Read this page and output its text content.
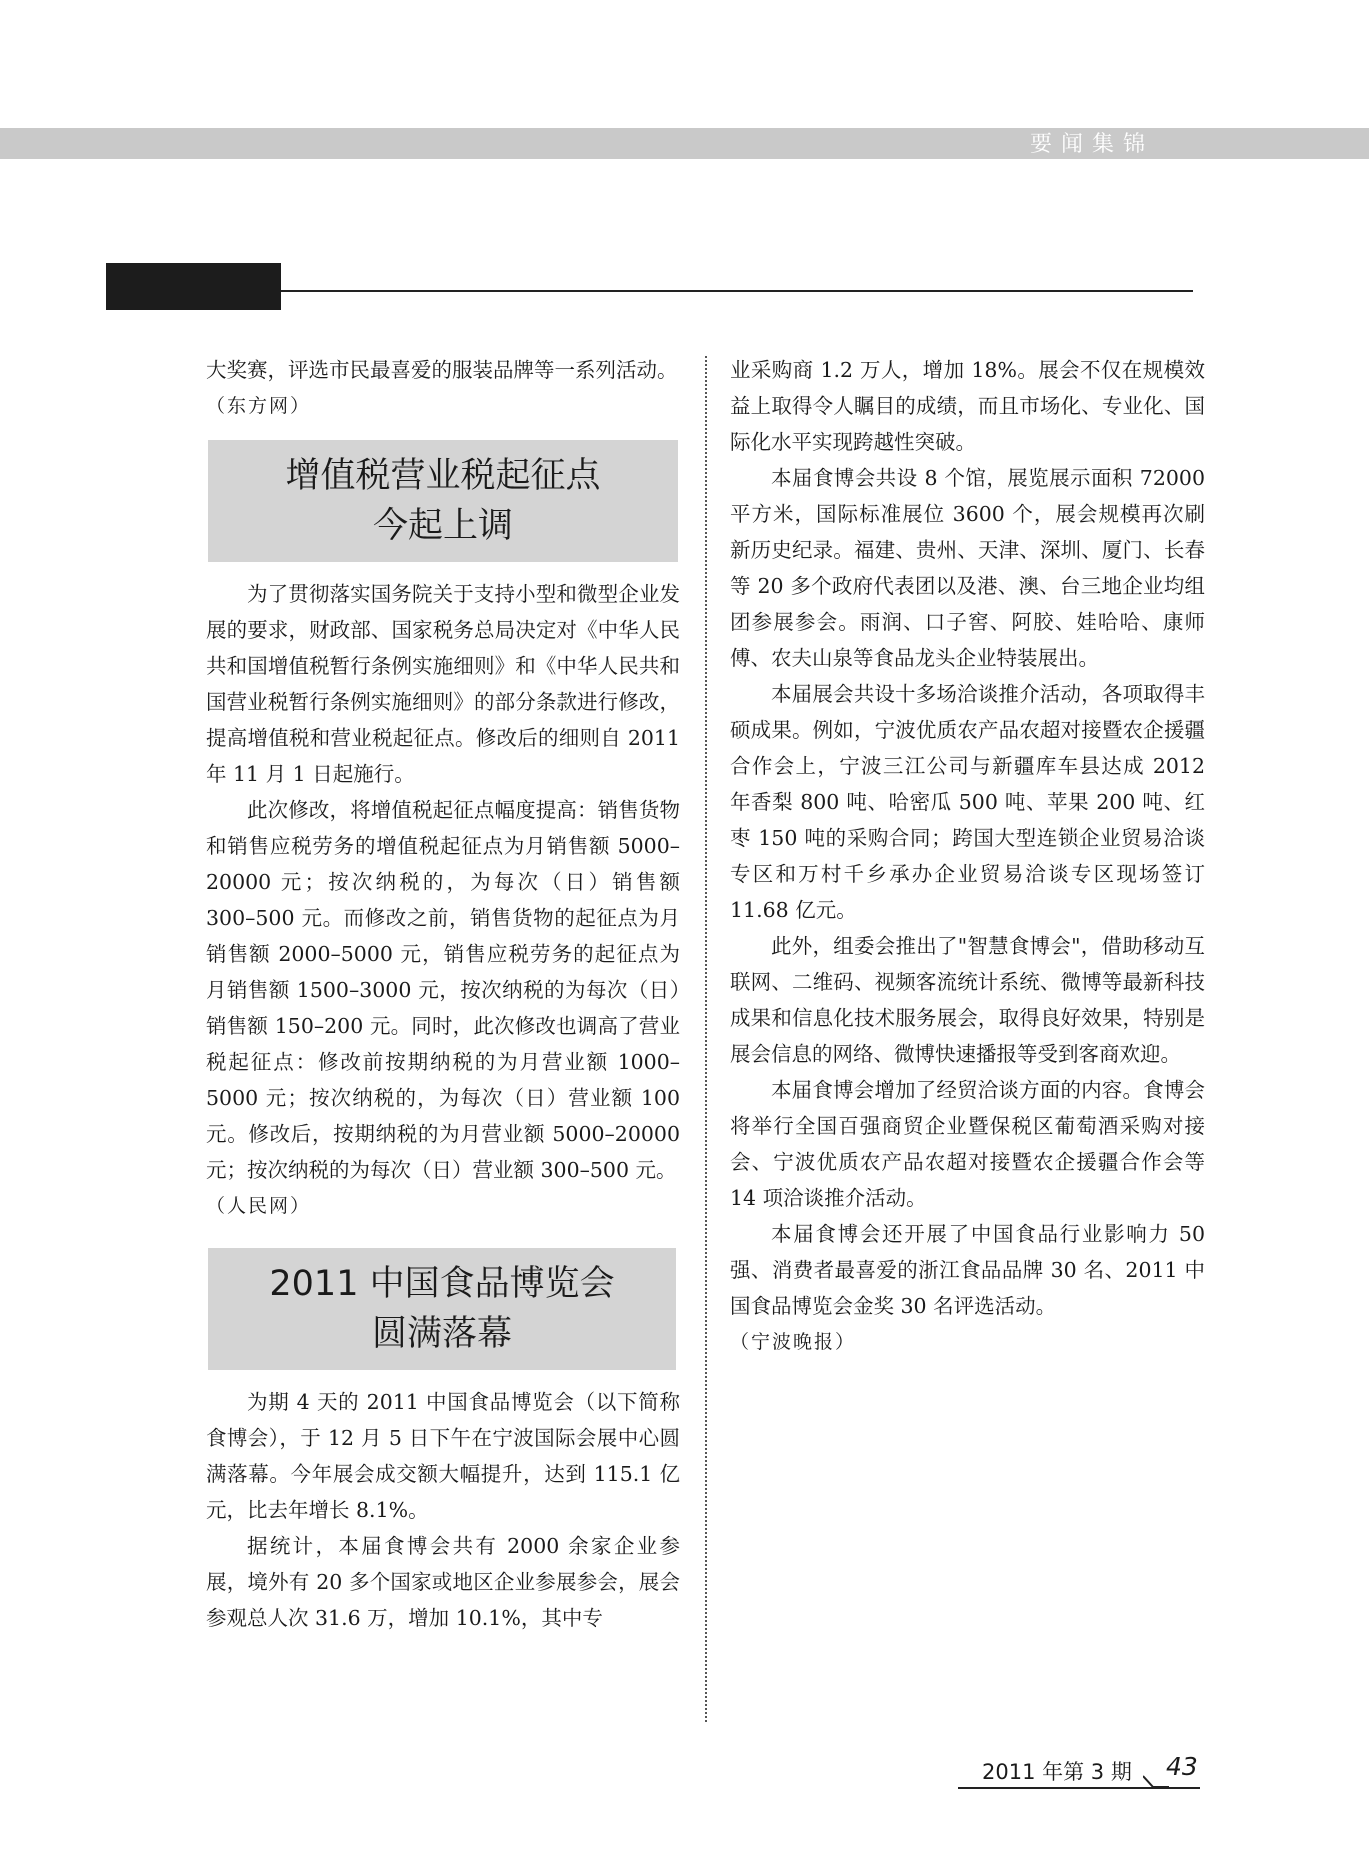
要闻集锦

大奖赛，评选市民最喜爱的服装品牌等一系列活动。

（东方网）

增值税营业税起征点
今起上调

为了贯彻落实国务院关于支持小型和微型企业发展的要求，财政部、国家税务总局决定对《中华人民共和国增值税暂行条例实施细则》和《中华人民共和国营业税暂行条例实施细则》的部分条款进行修改，提高增值税和营业税起征点。修改后的细则自 2011 年 11 月 1 日起施行。

此次修改，将增值税起征点幅度提高：销售货物和销售应税劳务的增值税起征点为月销售额 5000–20000 元；按次纳税的，为每次（日）销售额 300–500 元。而修改之前，销售货物的起征点为月销售额 2000–5000 元，销售应税劳务的起征点为月销售额 1500–3000 元，按次纳税的为每次（日）销售额 150–200 元。同时，此次修改也调高了营业税起征点：修改前按期纳税的为月营业额 1000–5000 元；按次纳税的，为每次（日）营业额 100 元。修改后，按期纳税的为月营业额 5000–20000 元；按次纳税的为每次（日）营业额 300–500 元。

（人民网）

2011 中国食品博览会
圆满落幕

为期 4 天的 2011 中国食品博览会（以下简称食博会），于 12 月 5 日下午在宁波国际会展中心圆满落幕。今年展会成交额大幅提升，达到 115.1 亿元，比去年增长 8.1%。

据统计，本届食博会共有 2000 余家企业参展，境外有 20 多个国家或地区企业参展参会，展会参观总人次 31.6 万，增加 10.1%，其中专

业采购商 1.2 万人，增加 18%。展会不仅在规模效益上取得令人瞩目的成绩，而且市场化、专业化、国际化水平实现跨越性突破。

本届食博会共设 8 个馆，展览展示面积 72000 平方米，国际标准展位 3600 个，展会规模再次刷新历史纪录。福建、贵州、天津、深圳、厦门、长春等 20 多个政府代表团以及港、澳、台三地企业均组团参展参会。雨润、口子窖、阿胶、娃哈哈、康师傅、农夫山泉等食品龙头企业特装展出。

本届展会共设十多场洽谈推介活动，各项取得丰硕成果。例如，宁波优质农产品农超对接暨农企援疆合作会上，宁波三江公司与新疆库车县达成 2012 年香梨 800 吨、哈密瓜 500 吨、苹果 200 吨、红枣 150 吨的采购合同；跨国大型连锁企业贸易洽谈专区和万村千乡承办企业贸易洽谈专区现场签订 11.68 亿元。

此外，组委会推出了"智慧食博会"，借助移动互联网、二维码、视频客流统计系统、微博等最新科技成果和信息化技术服务展会，取得良好效果，特别是展会信息的网络、微博快速播报等受到客商欢迎。

本届食博会增加了经贸洽谈方面的内容。食博会将举行全国百强商贸企业暨保税区葡萄酒采购对接会、宁波优质农产品农超对接暨农企援疆合作会等 14 项洽谈推介活动。

本届食博会还开展了中国食品行业影响力 50 强、消费者最喜爱的浙江食品品牌 30 名、2011 中国食品博览会金奖 30 名评选活动。

（宁波晚报）

2011 年第 3 期 43
